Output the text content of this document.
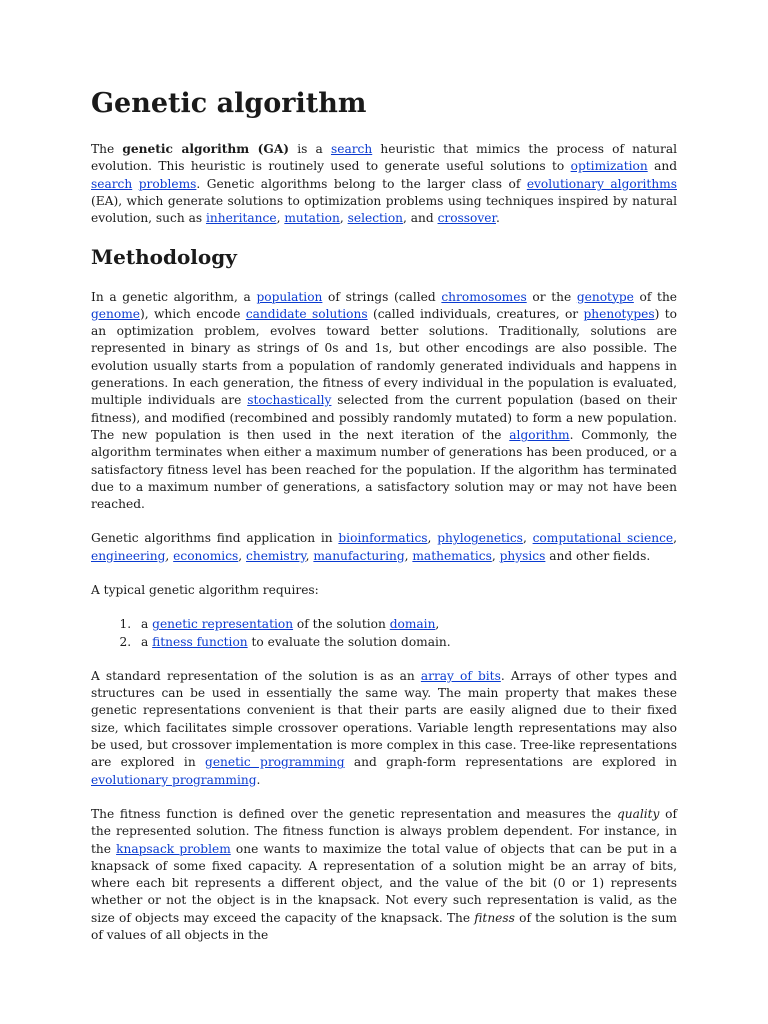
Genetic algorithm

The genetic algorithm (GA) is a search heuristic that mimics the process of natural evolution. This heuristic is routinely used to generate useful solutions to optimization and search problems. Genetic algorithms belong to the larger class of evolutionary algorithms (EA), which generate solutions to optimization problems using techniques inspired by natural evolution, such as inheritance, mutation, selection, and crossover.

Methodology

In a genetic algorithm, a population of strings (called chromosomes or the genotype of the genome), which encode candidate solutions (called individuals, creatures, or phenotypes) to an optimization problem, evolves toward better solutions. Traditionally, solutions are represented in binary as strings of 0s and 1s, but other encodings are also possible. The evolution usually starts from a population of randomly generated individuals and happens in generations. In each generation, the fitness of every individual in the population is evaluated, multiple individuals are stochastically selected from the current population (based on their fitness), and modified (recombined and possibly randomly mutated) to form a new population. The new population is then used in the next iteration of the algorithm. Commonly, the algorithm terminates when either a maximum number of generations has been produced, or a satisfactory fitness level has been reached for the population. If the algorithm has terminated due to a maximum number of generations, a satisfactory solution may or may not have been reached.

Genetic algorithms find application in bioinformatics, phylogenetics, computational science, engineering, economics, chemistry, manufacturing, mathematics, physics and other fields.

A typical genetic algorithm requires:

1. a genetic representation of the solution domain,
2. a fitness function to evaluate the solution domain.

A standard representation of the solution is as an array of bits. Arrays of other types and structures can be used in essentially the same way. The main property that makes these genetic representations convenient is that their parts are easily aligned due to their fixed size, which facilitates simple crossover operations. Variable length representations may also be used, but crossover implementation is more complex in this case. Tree-like representations are explored in genetic programming and graph-form representations are explored in evolutionary programming.

The fitness function is defined over the genetic representation and measures the quality of the represented solution. The fitness function is always problem dependent. For instance, in the knapsack problem one wants to maximize the total value of objects that can be put in a knapsack of some fixed capacity. A representation of a solution might be an array of bits, where each bit represents a different object, and the value of the bit (0 or 1) represents whether or not the object is in the knapsack. Not every such representation is valid, as the size of objects may exceed the capacity of the knapsack. The fitness of the solution is the sum of values of all objects in the
